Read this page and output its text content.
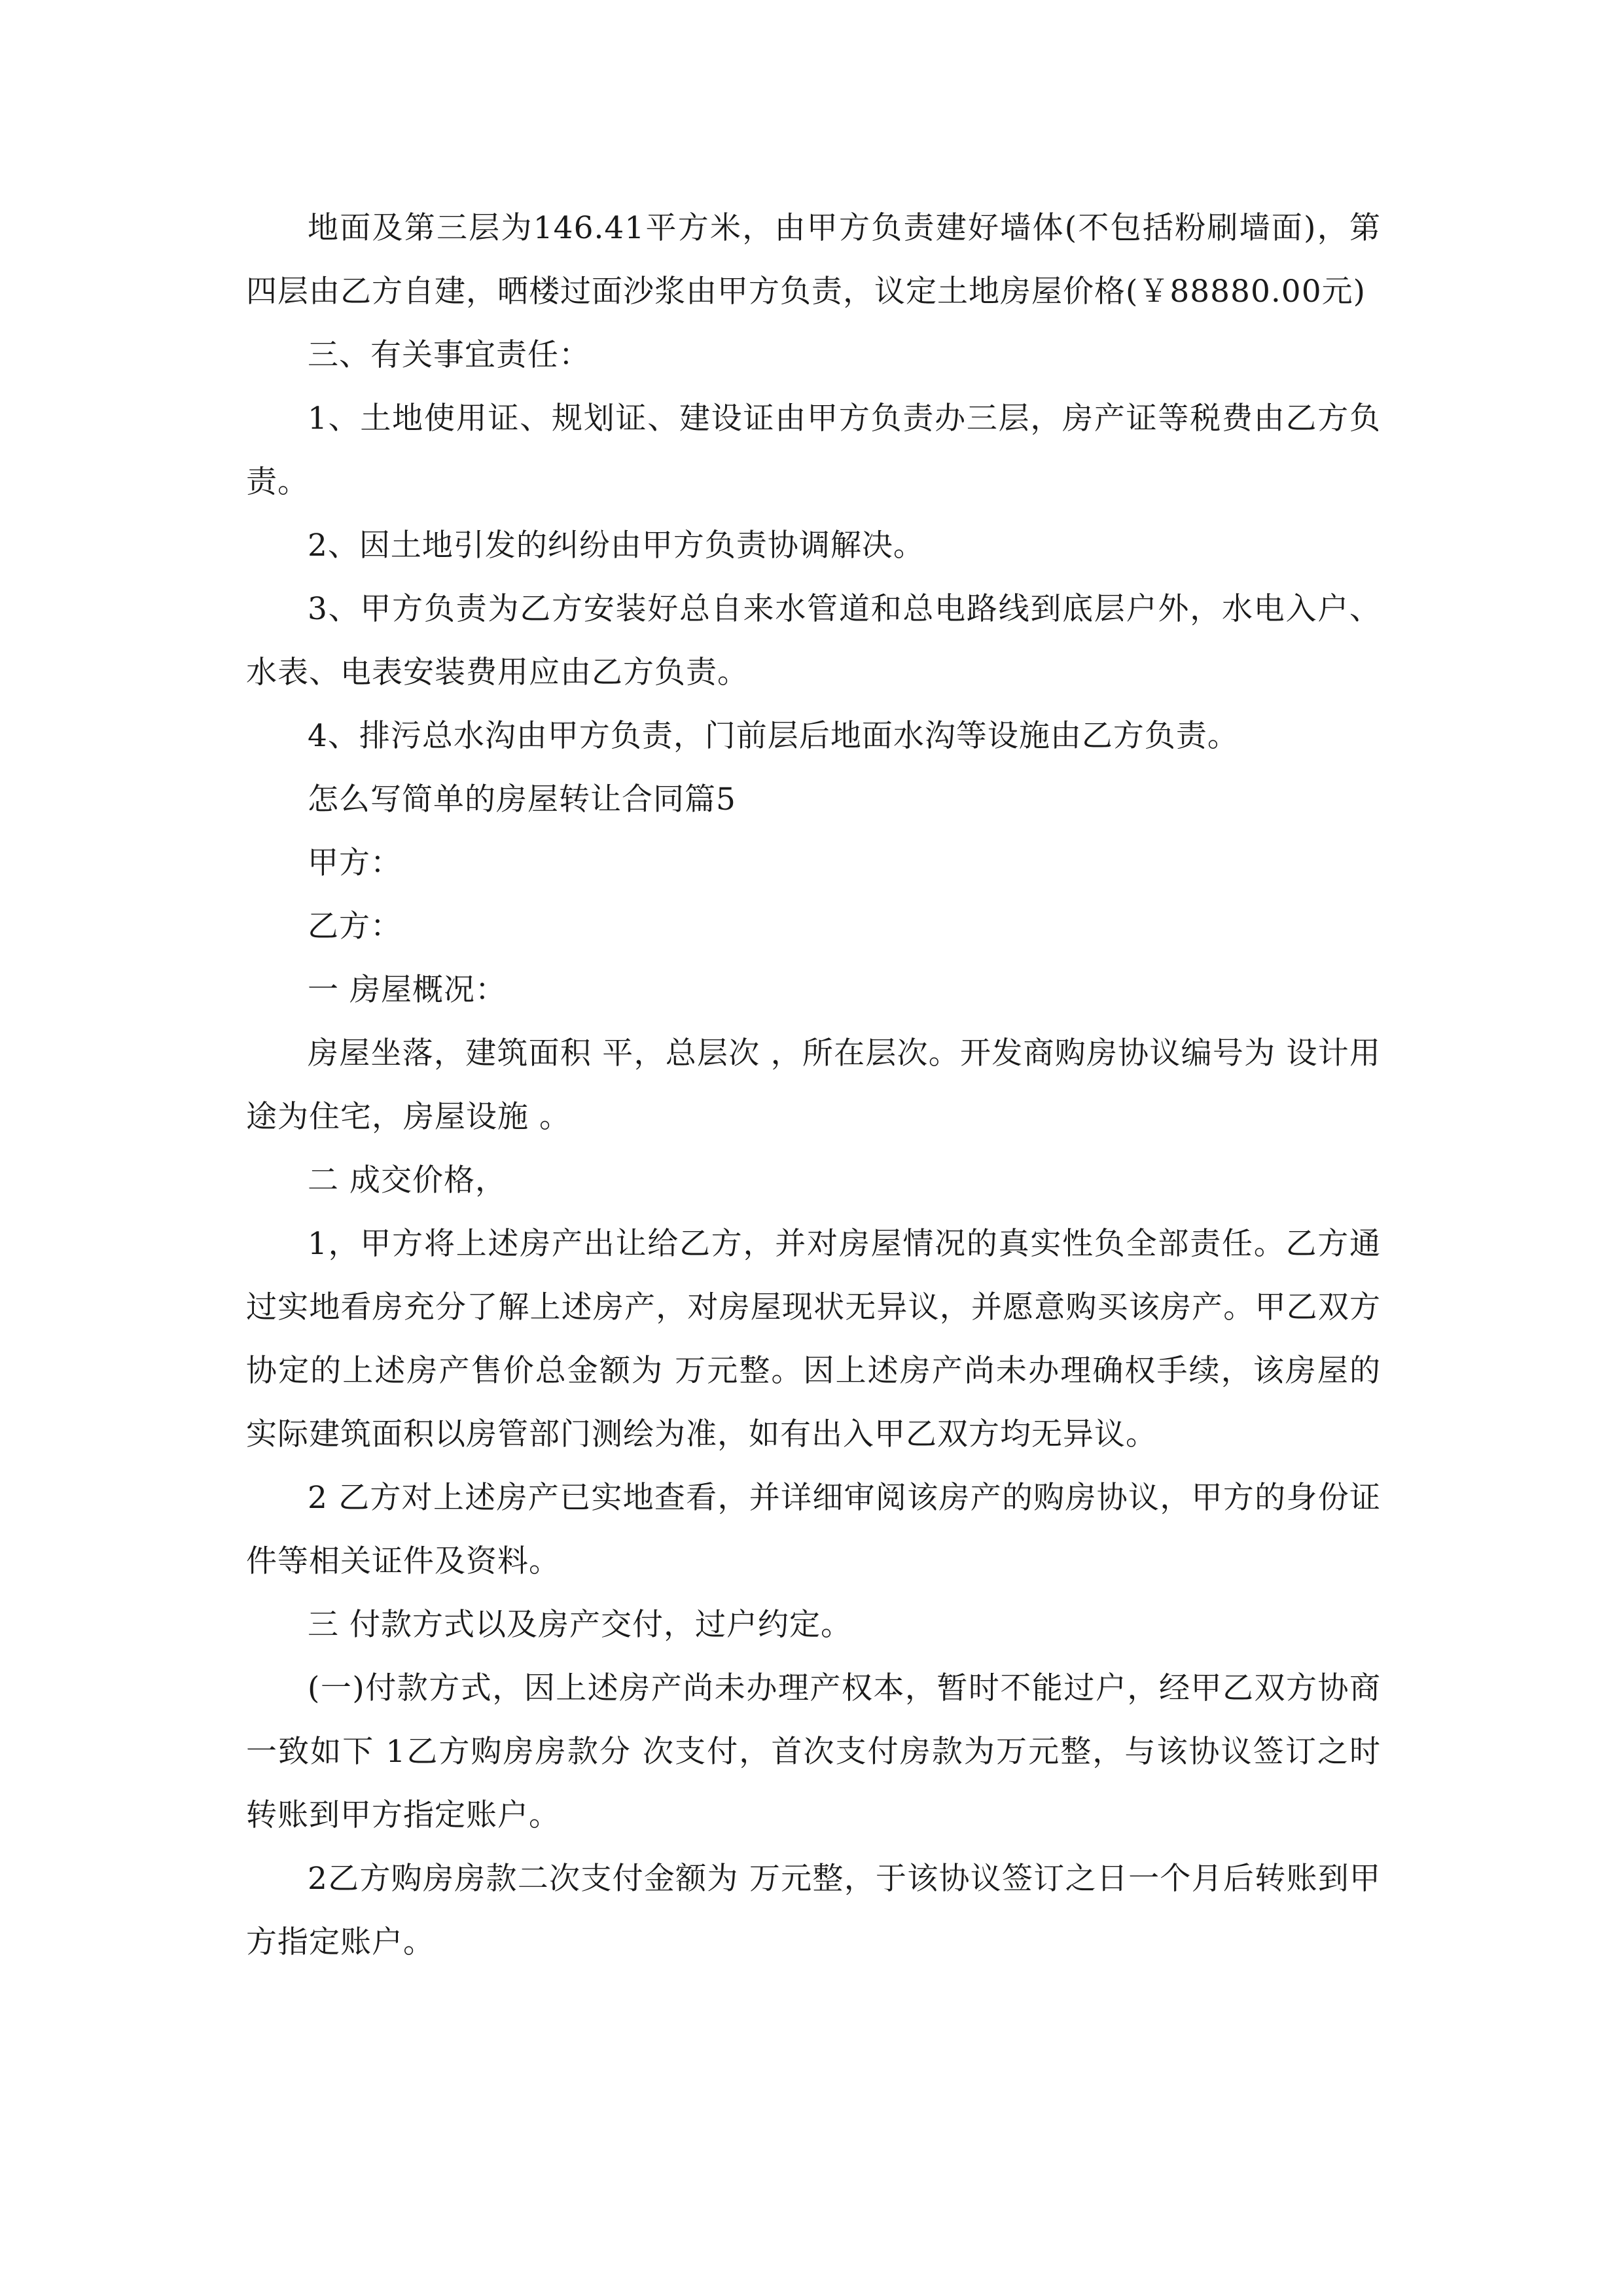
地面及第三层为146.41平方米，由甲方负责建好墙体(不包括粉刷墙面)，第四层由乙方自建，晒楼过面沙浆由甲方负责，议定土地房屋价格(￥88880.00元)

三、有关事宜责任：

1、土地使用证、规划证、建设证由甲方负责办三层，房产证等税费由乙方负责。

2、因土地引发的纠纷由甲方负责协调解决。

3、甲方负责为乙方安装好总自来水管道和总电路线到底层户外，水电入户、水表、电表安装费用应由乙方负责。

4、排污总水沟由甲方负责，门前层后地面水沟等设施由乙方负责。

怎么写简单的房屋转让合同篇5

甲方：

乙方：

一 房屋概况：

房屋坐落，建筑面积 平，总层次 ，所在层次。开发商购房协议编号为 设计用途为住宅，房屋设施 。

二 成交价格，

1，甲方将上述房产出让给乙方，并对房屋情况的真实性负全部责任。乙方通过实地看房充分了解上述房产，对房屋现状无异议，并愿意购买该房产。甲乙双方协定的上述房产售价总金额为 万元整。因上述房产尚未办理确权手续，该房屋的实际建筑面积以房管部门测绘为准，如有出入甲乙双方均无异议。

2 乙方对上述房产已实地查看，并详细审阅该房产的购房协议，甲方的身份证件等相关证件及资料。

三 付款方式以及房产交付，过户约定。

(一)付款方式，因上述房产尚未办理产权本，暂时不能过户，经甲乙双方协商一致如下 1乙方购房房款分 次支付，首次支付房款为万元整，与该协议签订之时转账到甲方指定账户。

2乙方购房房款二次支付金额为 万元整，于该协议签订之日一个月后转账到甲方指定账户。
